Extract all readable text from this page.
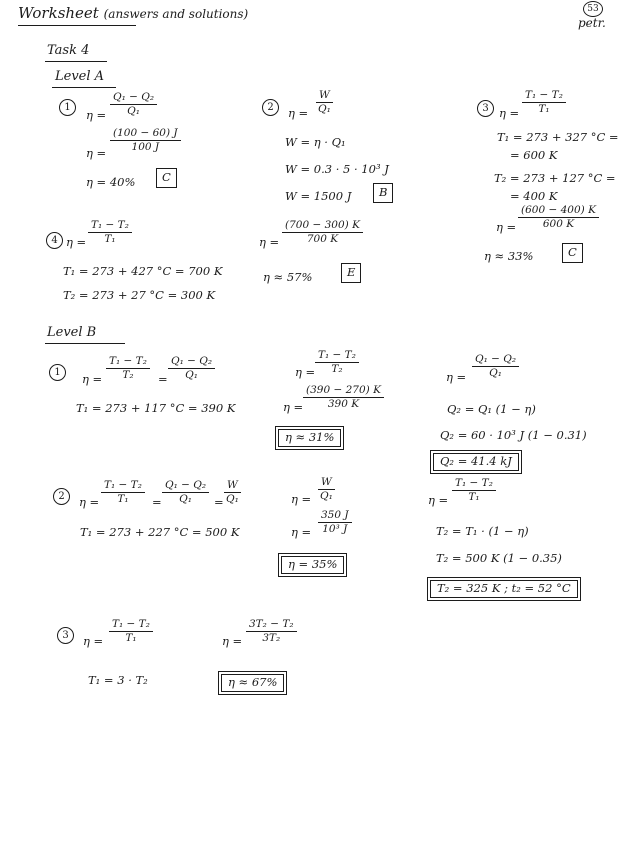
Worksheet (answers and solutions)	53
petr.
Task 4
Level A
1
$\eta = \frac{\text{Q₁ − Q₂}}{\text{Q₁}}$
$\eta = \frac{(100 - 60) J}{100 J}$
η = 40%	C
2	$\eta = \frac{W}{\text{Q₁}}$
W = η · Q₁
W = 0.3 · 5 · 10³ J
W = 1500 J	B
3 $\eta = \frac{\text{T₁ − T₂}}{\text{T₁}}$
T₁ = 273 + 327 °C =
= 600 K
T₂ = 273 + 127 °C =
= 400 K
$\eta = \frac{(600 - 400) K}{600 K}$
η ≈ 33%	C
4 $\eta = \frac{\text{T₁ − T₂}}{\text{T₁}}$
T₁ = 273 + 427 °C = 700 K
T₂ = 273 + 27 °C = 300 K
$\eta = \frac{(700 - 300) K}{700 K}$
η ≈ 57%	E
Level B
1	$\eta = \frac{\text{T₁ − T₂}}{\text{T₂}} = \frac{\text{Q₁ − Q₂}}{\text{Q₁}}$
T₁ = 273 + 117 °C = 390 K
$\eta = \frac{\text{T₁ − T₂}}{\text{T₂}}$
$\eta = \frac{(390 - 270) K}{390 K}$
η ≈ 31%
$\eta = \frac{\text{Q₁ − Q₂}}{\text{Q₁}}$
Q₂ = Q₁ (1 − η)
Q₂ = 60 · 10³ J (1 − 0.31)
Q₂ = 41.4 kJ
2	$\eta = \frac{\text{T₁ − T₂}}{\text{T₁}} = \frac{\text{Q₁ − Q₂}}{\text{Q₁}} = \frac{W}{\text{Q₁}}$
T₁ = 273 + 227 °C = 500 K
$\eta = \frac{W}{\text{Q₁}}$
$\eta = \frac{350 J}{\text{10³ J}}$
η = 35%
$\eta = \frac{\text{T₁ − T₂}}{\text{T₁}}$
T₂ = T₁ · (1 − η)
T₂ = 500 K (1 − 0.35)
T₂ = 325 K ; t₂ = 52 °C
3	$\eta = \frac{\text{T₁ − T₂}}{\text{T₁}}$
T₁ = 3 · T₂
$\eta = \frac{\text{3T₂ − T₂}}{\text{3T₂}}$
η ≈ 67%
